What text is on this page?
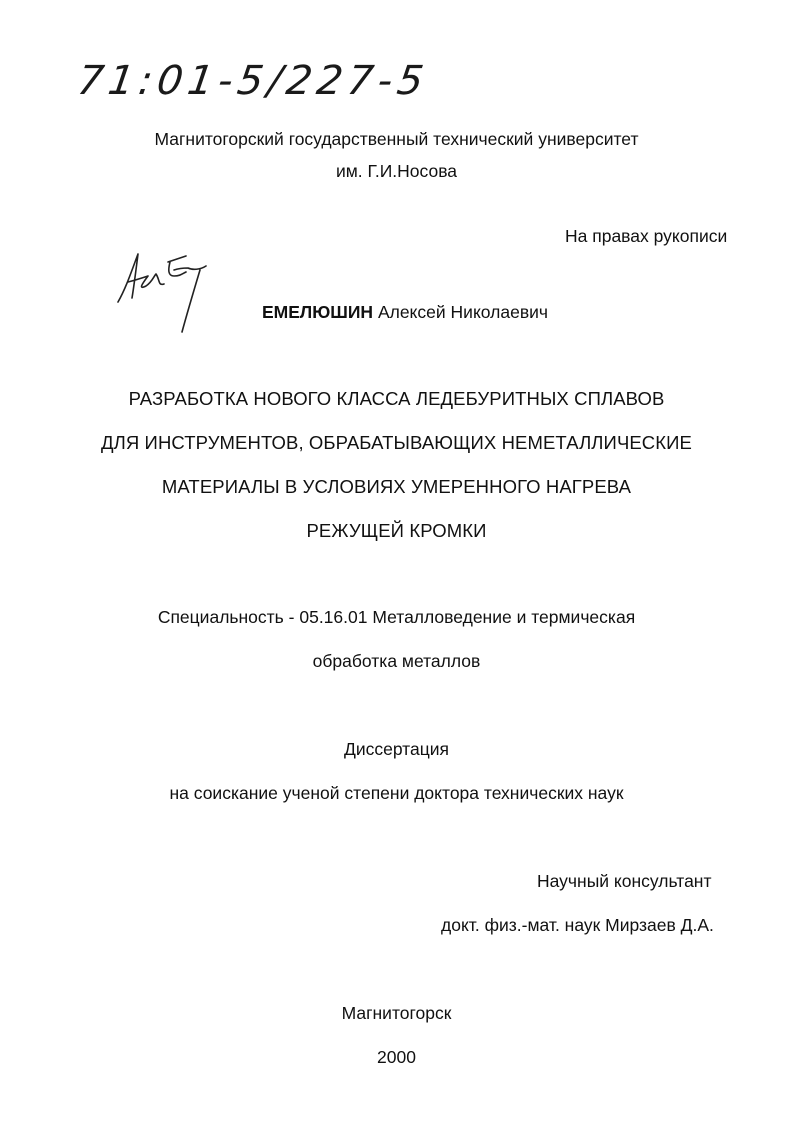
71:01-5/227-5
Магнитогорский государственный технический университет
им. Г.И.Носова
На правах рукописи
ЕМЕЛЮШИН Алексей Николаевич
РАЗРАБОТКА НОВОГО КЛАССА ЛЕДЕБУРИТНЫХ СПЛАВОВ
ДЛЯ ИНСТРУМЕНТОВ, ОБРАБАТЫВАЮЩИХ НЕМЕТАЛЛИЧЕСКИЕ
МАТЕРИАЛЫ В УСЛОВИЯХ УМЕРЕННОГО НАГРЕВА
РЕЖУЩЕЙ КРОМКИ
Специальность - 05.16.01 Металловедение и термическая
обработка металлов
Диссертация
на соискание ученой степени доктора технических наук
Научный консультант
докт. физ.-мат. наук Мирзаев Д.А.
Магнитогорск
2000
